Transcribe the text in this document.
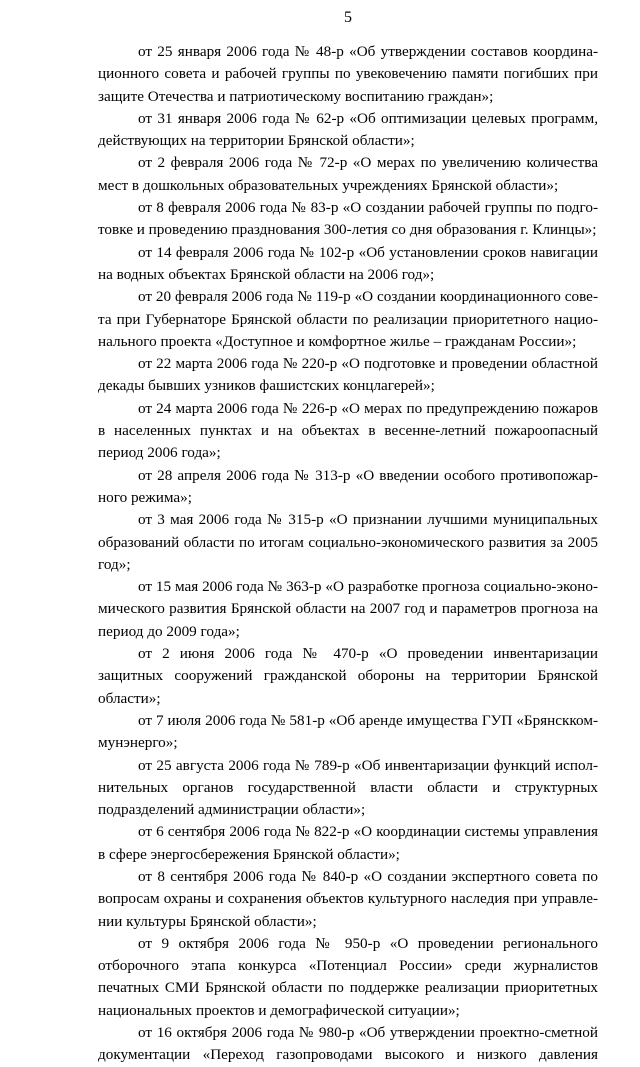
5

от 25 января 2006 года № 48-р «Об утверждении составов координационного совета и рабочей группы по увековечению памяти погибших при защите Отечества и патриотическому воспитанию граждан»;

от 31 января 2006 года № 62-р «Об оптимизации целевых программ, действующих на территории Брянской области»;

от 2 февраля 2006 года № 72-р «О мерах по увеличению количества мест в дошкольных образовательных учреждениях Брянской области»;

от 8 февраля 2006 года № 83-р «О создании рабочей группы по подготовке и проведению празднования 300-летия со дня образования г. Клинцы»;

от 14 февраля 2006 года № 102-р «Об установлении сроков навигации на водных объектах Брянской области на 2006 год»;

от 20 февраля 2006 года № 119-р «О создании координационного совета при Губернаторе Брянской области по реализации приоритетного национального проекта «Доступное и комфортное жилье – гражданам России»;

от 22 марта 2006 года № 220-р «О подготовке и проведении областной декады бывших узников фашистских концлагерей»;

от 24 марта 2006 года № 226-р «О мерах по предупреждению пожаров в населенных пунктах и на объектах в весенне-летний пожароопасный период 2006 года»;

от 28 апреля 2006 года № 313-р «О введении особого противопожарного режима»;

от 3 мая 2006 года № 315-р «О признании лучшими муниципальных образований области по итогам социально-экономического развития за 2005 год»;

от 15 мая 2006 года № 363-р «О разработке прогноза социально-экономического развития Брянской области на 2007 год и параметров прогноза на период до 2009 года»;

от 2 июня 2006 года № 470-р «О проведении инвентаризации защитных сооружений гражданской обороны на территории Брянской области»;

от 7 июля 2006 года № 581-р «Об аренде имущества ГУП «Брянсккоммунэнерго»;

от 25 августа 2006 года № 789-р «Об инвентаризации функций исполнительных органов государственной власти области и структурных подразделений администрации области»;

от 6 сентября 2006 года № 822-р «О координации системы управления в сфере энергосбережения Брянской области»;

от 8 сентября 2006 года № 840-р «О создании экспертного совета по вопросам охраны и сохранения объектов культурного наследия при управлении культуры Брянской области»;

от 9 октября 2006 года № 950-р «О проведении регионального отборочного этапа конкурса «Потенциал России» среди журналистов печатных СМИ Брянской области по поддержке реализации приоритетных национальных проектов и демографической ситуации»;

от 16 октября 2006 года № 980-р «Об утверждении проектно-сметной документации «Переход газопроводами высокого и низкого давления
